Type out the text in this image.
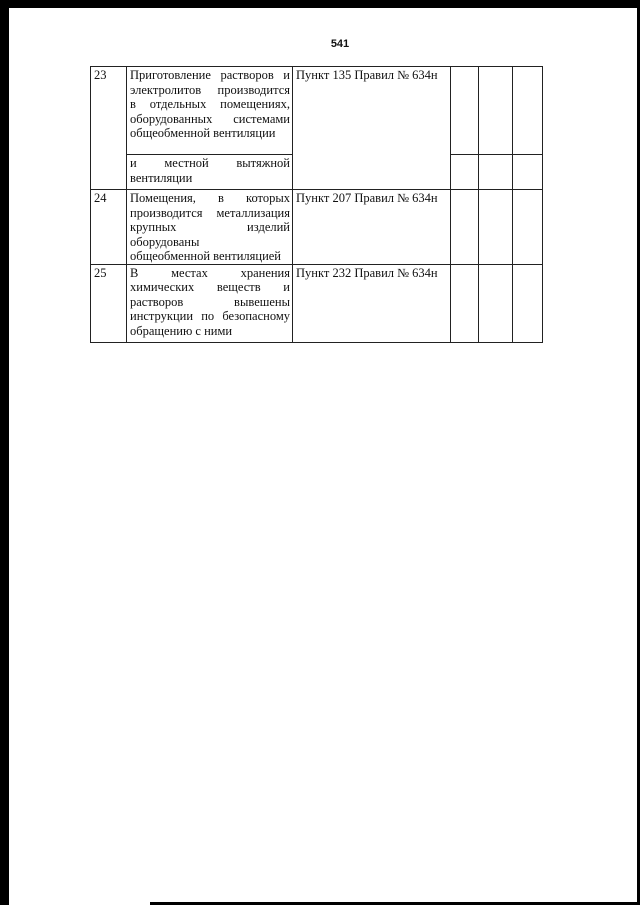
541
23	Приготовление растворов и
электролитов производится
в отдельных помещениях,
оборудованных системами
общеобменной вентиляции	Пункт 135 Правил № 634н			

	и местной вытяжной
вентиляции				

24	Помещения, в которых
производится металлизация
крупных изделий
оборудованы
общеобменной вентиляцией	Пункт 207 Правил № 634н			
25	В местах хранения
химических веществ и
растворов вывешены
инструкции по безопасному
обращению с ними	Пункт 232 Правил № 634н			
